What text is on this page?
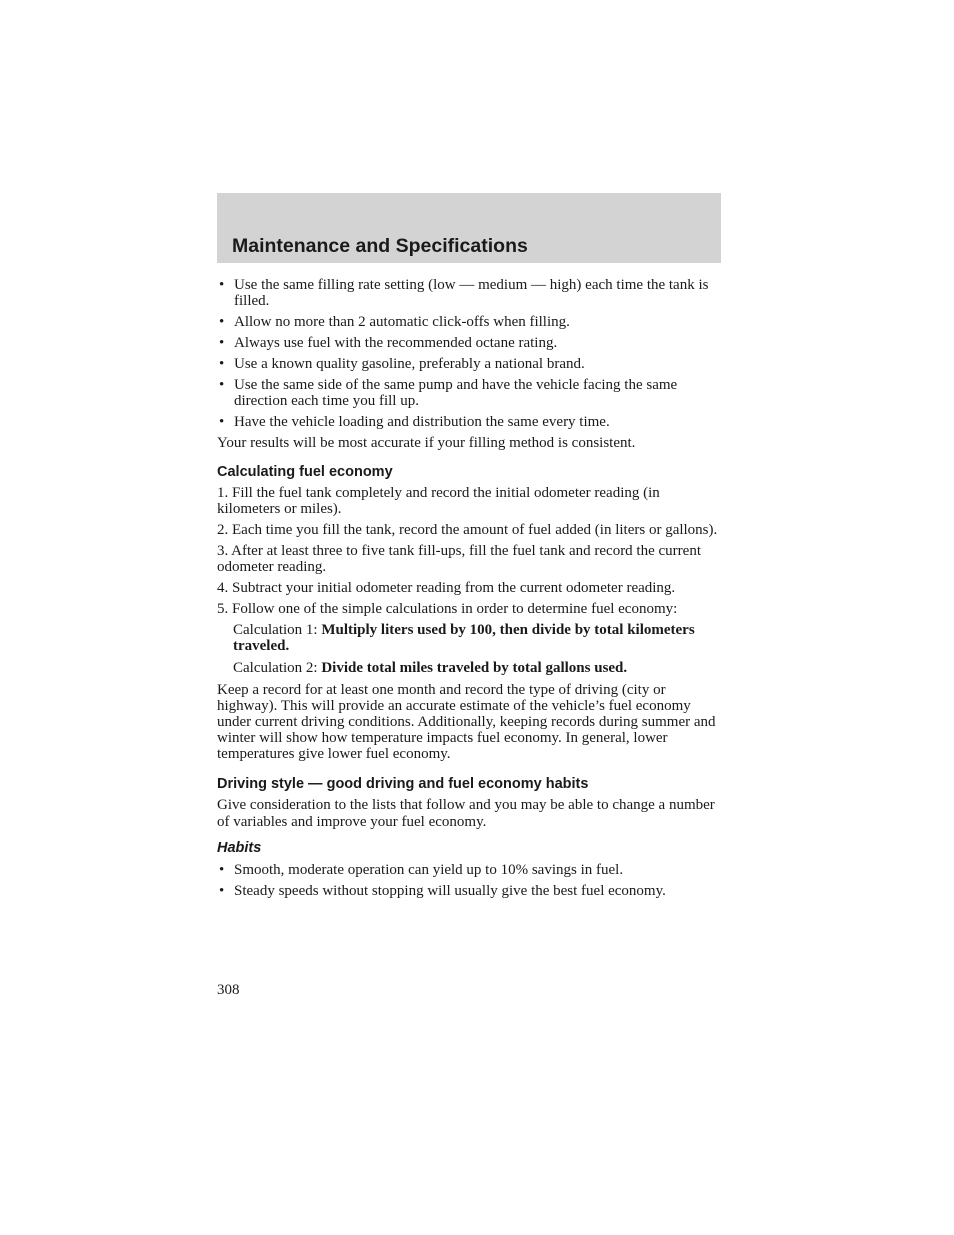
Maintenance and Specifications
• Use the same filling rate setting (low — medium — high) each time the tank is filled.
• Allow no more than 2 automatic click-offs when filling.
• Always use fuel with the recommended octane rating.
• Use a known quality gasoline, preferably a national brand.
• Use the same side of the same pump and have the vehicle facing the same direction each time you fill up.
• Have the vehicle loading and distribution the same every time.

Your results will be most accurate if your filling method is consistent.

Calculating fuel economy
1. Fill the fuel tank completely and record the initial odometer reading (in kilometers or miles).
2. Each time you fill the tank, record the amount of fuel added (in liters or gallons).
3. After at least three to five tank fill-ups, fill the fuel tank and record the current odometer reading.
4. Subtract your initial odometer reading from the current odometer reading.
5. Follow one of the simple calculations in order to determine fuel economy:

Calculation 1: Multiply liters used by 100, then divide by total kilometers traveled.

Calculation 2: Divide total miles traveled by total gallons used.

Keep a record for at least one month and record the type of driving (city or highway). This will provide an accurate estimate of the vehicle’s fuel economy under current driving conditions. Additionally, keeping records during summer and winter will show how temperature impacts fuel economy. In general, lower temperatures give lower fuel economy.

Driving style — good driving and fuel economy habits

Give consideration to the lists that follow and you may be able to change a number of variables and improve your fuel economy.

Habits
• Smooth, moderate operation can yield up to 10% savings in fuel.
• Steady speeds without stopping will usually give the best fuel economy.
308
